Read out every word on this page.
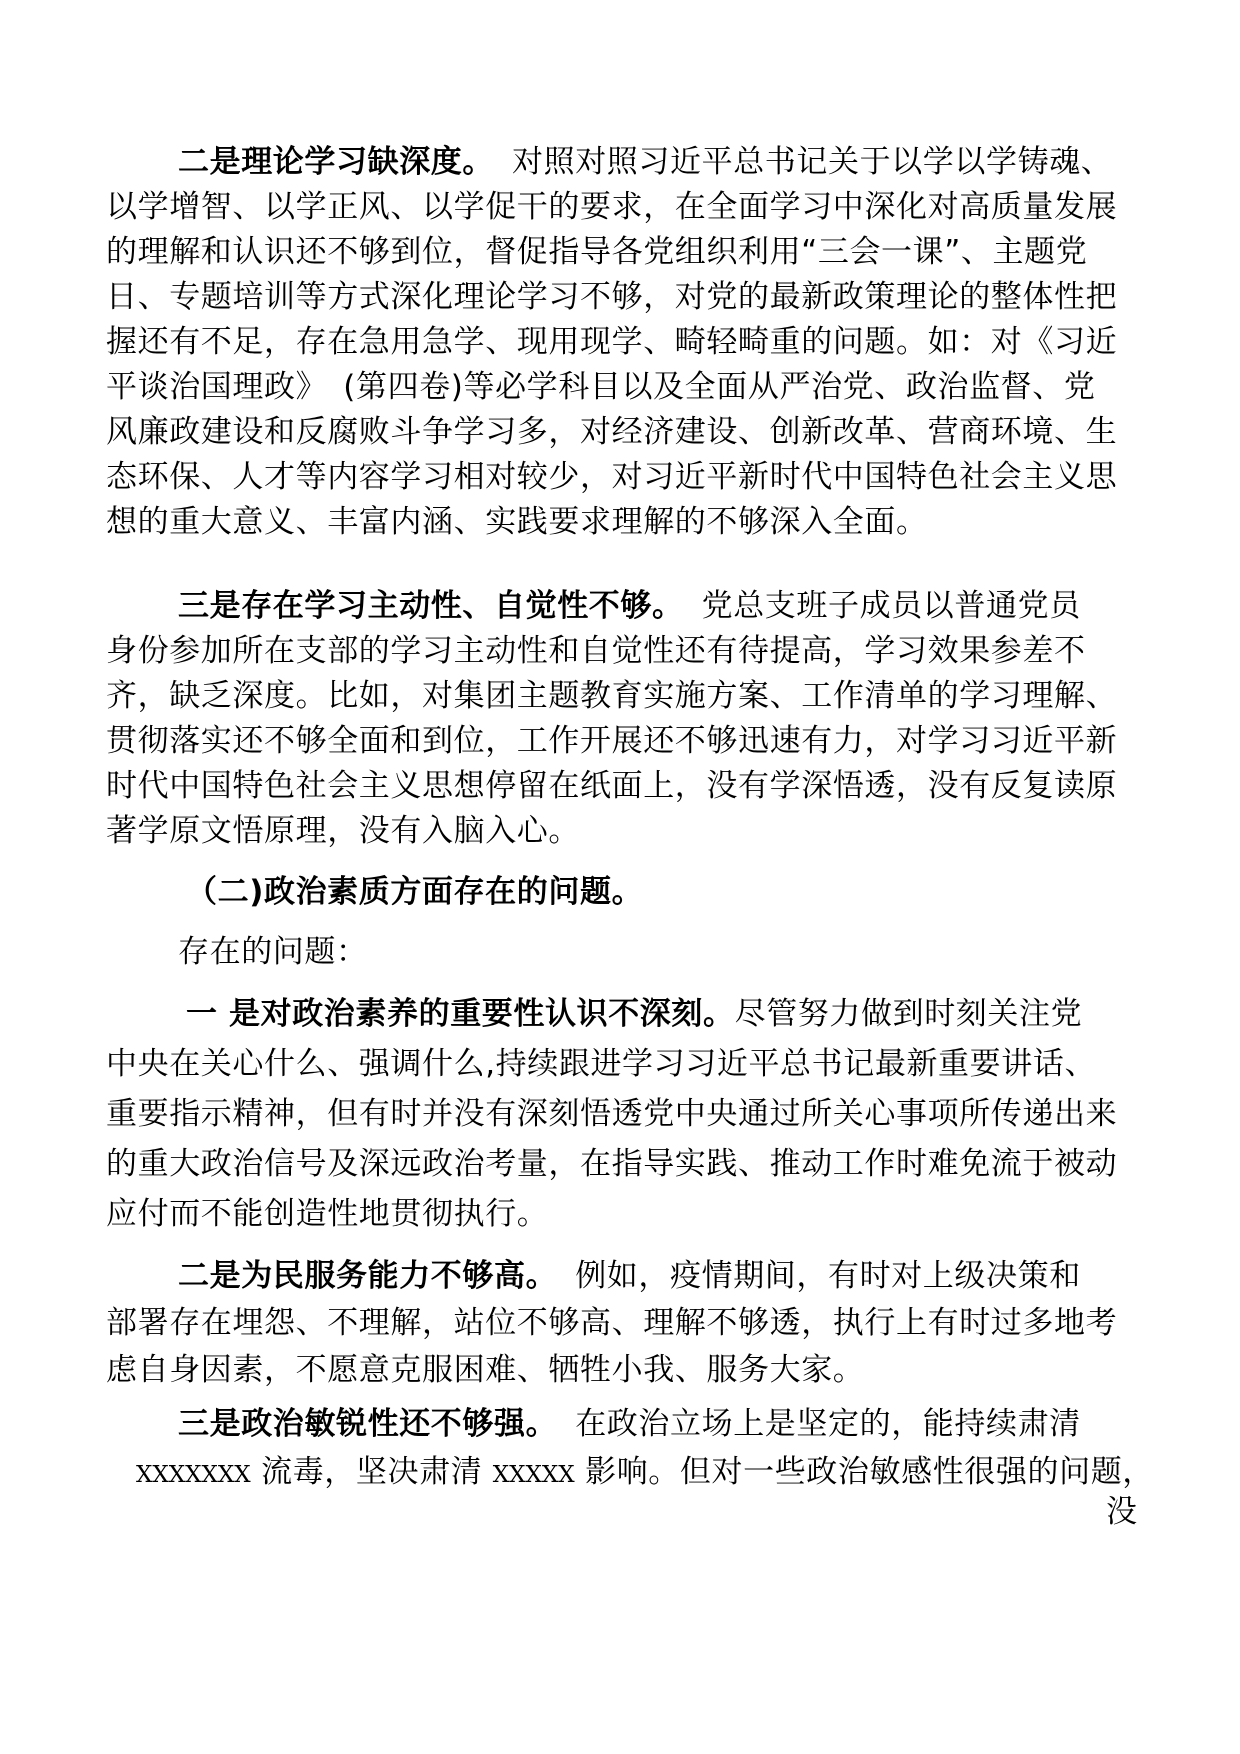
二是理论学习缺深度。 对照对照习近平总书记关于以学以学铸魂、
以学增智、以学正风、以学促干的要求，在全面学习中深化对高质量发展
的理解和认识还不够到位，督促指导各党组织利用“三会一课”、主题党
日、专题培训等方式深化理论学习不够，对党的最新政策理论的整体性把
握还有不足，存在急用急学、现用现学、畸轻畸重的问题。如：对《习近
平谈治国理政》　(第四卷)等必学科目以及全面从严治党、政治监督、党
风廉政建设和反腐败斗争学习多，对经济建设、创新改革、营商环境、生
态环保、人才等内容学习相对较少，对习近平新时代中国特色社会主义思
想的重大意义、丰富内涵、实践要求理解的不够深入全面。
三是存在学习主动性、自觉性不够。 党总支班子成员以普通党员
身份参加所在支部的学习主动性和自觉性还有待提高，学习效果参差不
齐，缺乏深度。比如，对集团主题教育实施方案、工作清单的学习理解、
贯彻落实还不够全面和到位，工作开展还不够迅速有力，对学习习近平新
时代中国特色社会主义思想停留在纸面上，没有学深悟透，没有反复读原
著学原文悟原理，没有入脑入心。
（二)政治素质方面存在的问题。
存在的问题：
一 是对政治素养的重要性认识不深刻。尽管努力做到时刻关注党
中央在关心什么、强调什么,持续跟进学习习近平总书记最新重要讲话、
重要指示精神，但有时并没有深刻悟透党中央通过所关心事项所传递出来
的重大政治信号及深远政治考量，在指导实践、推动工作时难免流于被动
应付而不能创造性地贯彻执行。
二是为民服务能力不够高。 例如，疫情期间，有时对上级决策和
部署存在埋怨、不理解，站位不够高、理解不够透，执行上有时过多地考
虑自身因素，不愿意克服困难、牺牲小我、服务大家。
三是政治敏锐性还不够强。 在政治立场上是坚定的，能持续肃清
XXXXXXX 流毒，坚决肃清 XXXXX 影响。但对一些政治敏感性很强的问题，
没
